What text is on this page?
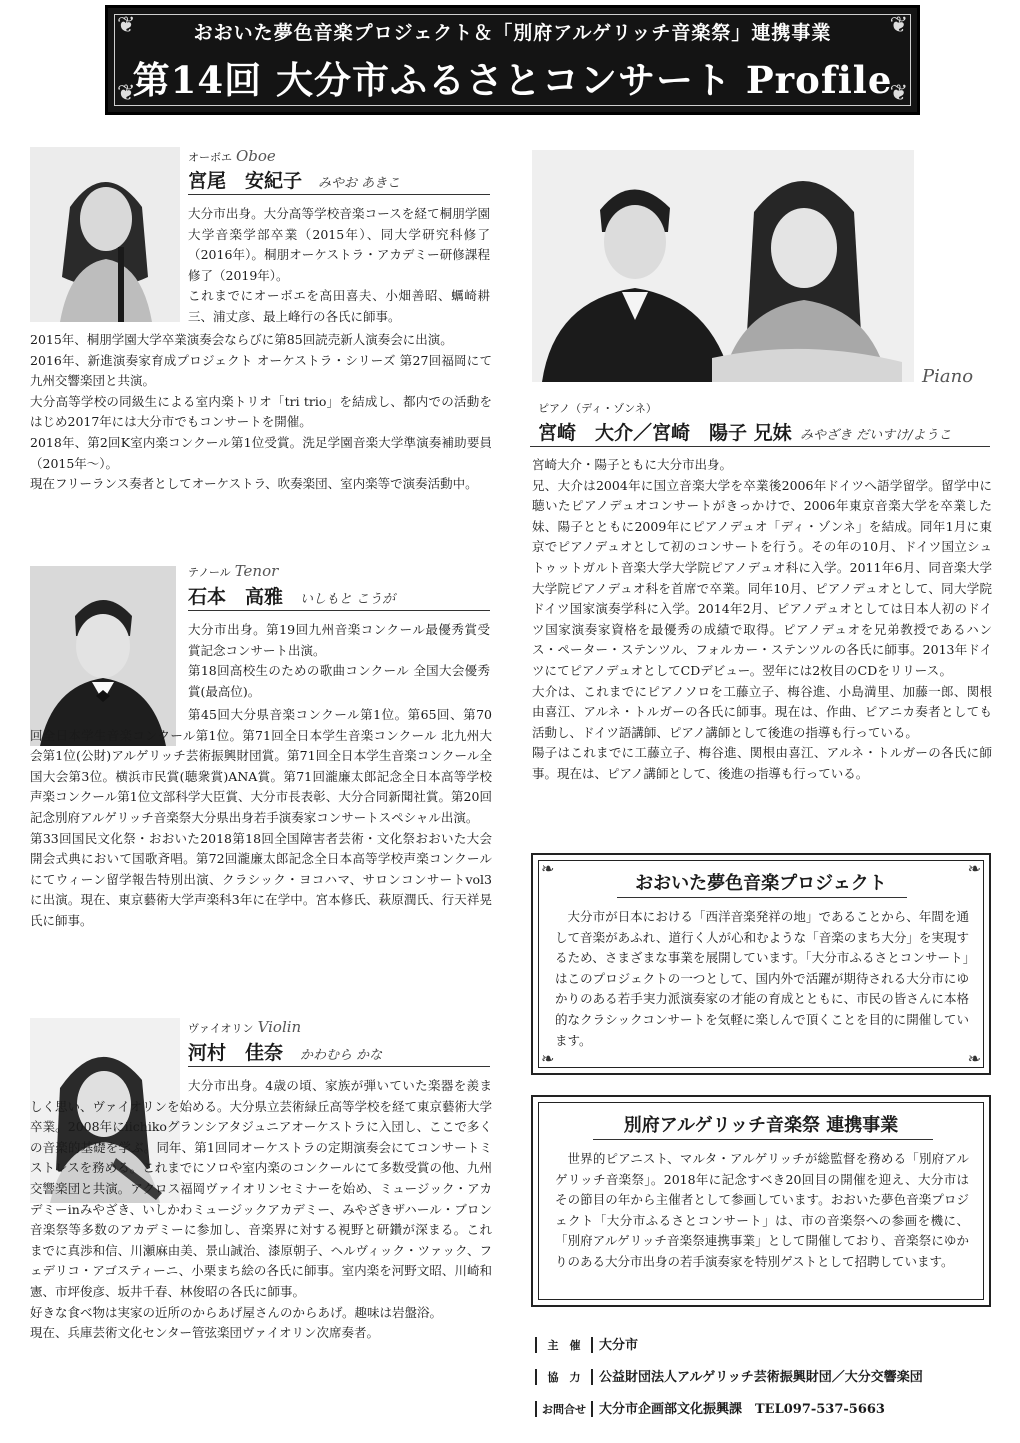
❦	❦
❦	❦
おおいた夢色音楽プロジェクト＆「別府アルゲリッチ音楽祭」連携事業
第14回 大分市ふるさとコンサート Profile
オーボエ Oboe
宮尾　安紀子 みやお あきこ

大分市出身。大分高等学校音楽コースを経て桐朋学園大学音楽学部卒業（2015年）、同大学研究科修了（2016年）。桐朋オーケストラ・アカデミー研修課程修了（2019年）。

これまでにオーボエを高田喜夫、小畑善昭、蠣崎耕三、浦丈彦、最上峰行の各氏に師事。

2015年、桐朋学園大学卒業演奏会ならびに第85回読売新人演奏会に出演。

2016年、新進演奏家育成プロジェクト オーケストラ・シリーズ 第27回福岡にて九州交響楽団と共演。

大分高等学校の同級生による室内楽トリオ「tri trio」を結成し、都内での活動をはじめ2017年には大分市でもコンサートを開催。

2018年、第2回K室内楽コンクール第1位受賞。洗足学園音楽大学準演奏補助要員（2015年～）。

現在フリーランス奏者としてオーケストラ、吹奏楽団、室内楽等で演奏活動中。

テノール Tenor
石本　高雅 いしもと こうが

大分市出身。第19回九州音楽コンクール最優秀賞受賞記念コンサート出演。

第18回高校生のための歌曲コンクール 全国大会優秀賞(最高位)。

第45回大分県音楽コンクール第1位。第65回、第70回全日本学生音楽コンクール第1位。第71回全日本学生音楽コンクール 北九州大会第1位(公財)アルゲリッチ芸術振興財団賞。第71回全日本学生音楽コンクール全国大会第3位。横浜市民賞(聴衆賞)ANA賞。第71回瀧廉太郎記念全日本高等学校声楽コンクール第1位文部科学大臣賞、大分市長表彰、大分合同新聞社賞。第20回記念別府アルゲリッチ音楽祭大分県出身若手演奏家コンサートスペシャル出演。

第33回国民文化祭・おおいた2018第18回全国障害者芸術・文化祭おおいた大会開会式典において国歌斉唱。第72回瀧廉太郎記念全日本高等学校声楽コンクールにてウィーン留学報告特別出演、クラシック・ヨコハマ、サロンコンサートvol3に出演。現在、東京藝術大学声楽科3年に在学中。宮本修氏、萩原潤氏、行天祥晃氏に師事。

ヴァイオリン Violin
河村　佳奈 かわむら かな

大分市出身。4歳の頃、家族が弾いていた楽器を羨ましく思い、ヴァイオリンを始める。大分県立芸術緑丘高等学校を経て東京藝術大学卒業。2008年にiichikoグランシアタジュニアオーケストラに入団し、ここで多くの音楽的基礎を学ぶ。同年、第1回同オーケストラの定期演奏会にてコンサートミストレスを務める。これまでにソロや室内楽のコンクールにて多数受賞の他、九州交響楽団と共演。アクロス福岡ヴァイオリンセミナーを始め、ミュージック・アカデミーinみやざき、いしかわミュージックアカデミー、みやざきザハール・ブロン音楽祭等多数のアカデミーに参加し、音楽界に対する視野と研鑽が深まる。これまでに真渉和信、川瀬麻由美、景山誠治、漆原朝子、ヘルヴィック・ツァック、フェデリコ・アゴスティーニ、小栗まち絵の各氏に師事。室内楽を河野文昭、川崎和憲、市坪俊彦、坂井千春、林俊昭の各氏に師事。

好きな食べ物は実家の近所のからあげ屋さんのからあげ。趣味は岩盤浴。

現在、兵庫芸術文化センター管弦楽団ヴァイオリン次席奏者。

Piano
ピアノ（ディ・ゾンネ）
宮崎　大介／宮崎　陽子 兄妹 みやざき だいすけ/ようこ

宮崎大介・陽子ともに大分市出身。

兄、大介は2004年に国立音楽大学を卒業後2006年ドイツへ語学留学。留学中に聴いたピアノデュオコンサートがきっかけで、2006年東京音楽大学を卒業した妹、陽子とともに2009年にピアノデュオ「ディ・ゾンネ」を結成。同年1月に東京でピアノデュオとして初のコンサートを行う。その年の10月、ドイツ国立シュトゥットガルト音楽大学大学院ピアノデュオ科に入学。2011年6月、同音楽大学大学院ピアノデュオ科を首席で卒業。同年10月、ピアノデュオとして、同大学院ドイツ国家演奏学科に入学。2014年2月、ピアノデュオとしては日本人初のドイツ国家演奏家資格を最優秀の成績で取得。ピアノデュオを兄弟教授であるハンス・ペーター・ステンツル、フォルカー・ステンツルの各氏に師事。2013年ドイツにてピアノデュオとしてCDデビュー。翌年には2枚目のCDをリリース。

大介は、これまでにピアノソロを工藤立子、梅谷進、小島満里、加藤一郎、関根由喜江、アルネ・トルガーの各氏に師事。現在は、作曲、ピアニカ奏者としても活動し、ドイツ語講師、ピアノ講師として後進の指導も行っている。

陽子はこれまでに工藤立子、梅谷進、関根由喜江、アルネ・トルガーの各氏に師事。現在は、ピアノ講師として、後進の指導も行っている。

❧	❧
❧	❧
おおいた夢色音楽プロジェクト
大分市が日本における「西洋音楽発祥の地」であることから、年間を通して音楽があふれ、道行く人が心和むような「音楽のまち大分」を実現するため、さまざまな事業を展開しています。「大分市ふるさとコンサート」はこのプロジェクトの一つとして、国内外で活躍が期待される大分市にゆかりのある若手実力派演奏家の才能の育成とともに、市民の皆さんに本格的なクラシックコンサートを気軽に楽しんで頂くことを目的に開催しています。
別府アルゲリッチ音楽祭 連携事業
世界的ピアニスト、マルタ・アルゲリッチが総監督を務める「別府アルゲリッチ音楽祭」。2018年に記念すべき20回目の開催を迎え、大分市はその節目の年から主催者として参画しています。おおいた夢色音楽プロジェクト「大分市ふるさとコンサート」は、市の音楽祭への参画を機に、「別府アルゲリッチ音楽祭連携事業」として開催しており、音楽祭にゆかりのある大分市出身の若手演奏家を特別ゲストとして招聘しています。
主　催 大分市
協　力 公益財団法人アルゲリッチ芸術振興財団／大分交響楽団
お問合せ 大分市企画部文化振興課　TEL097-537-5663
